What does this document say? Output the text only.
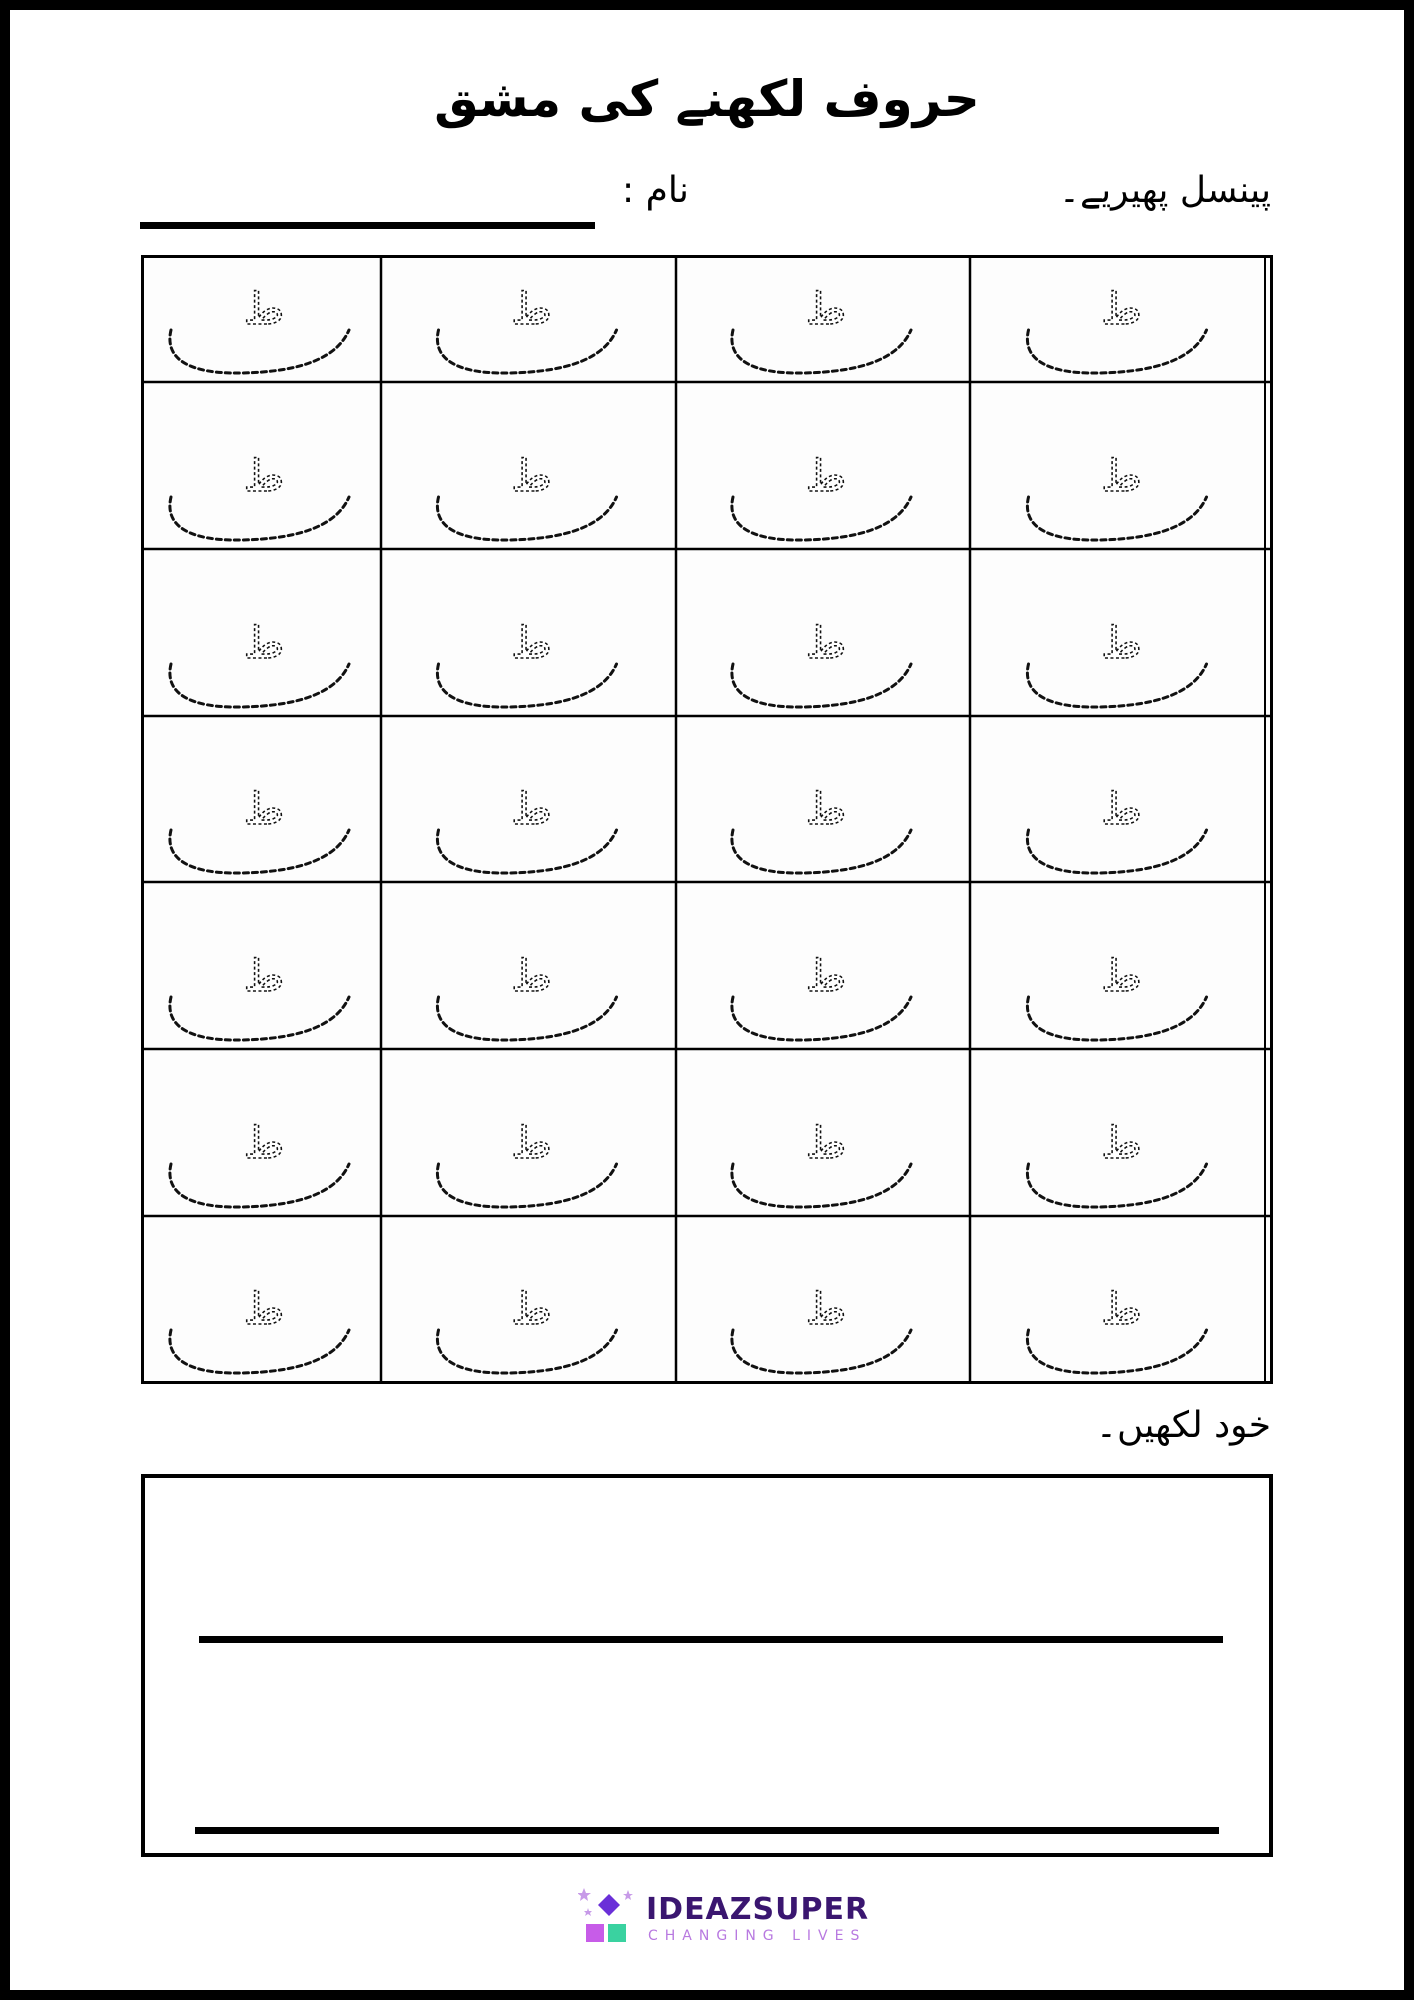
حروف لکھنے کی مشق
پینسل پھیریے۔
نام :
ط	ط	ط	ط
ط	ط	ط	ط
ط	ط	ط	ط
ط	ط	ط	ط
ط	ط	ط	ط
ط	ط	ط	ط
ط	ط	ط	ط
خود لکھیں۔
IDEAZSUPER
CHANGING LIVES
